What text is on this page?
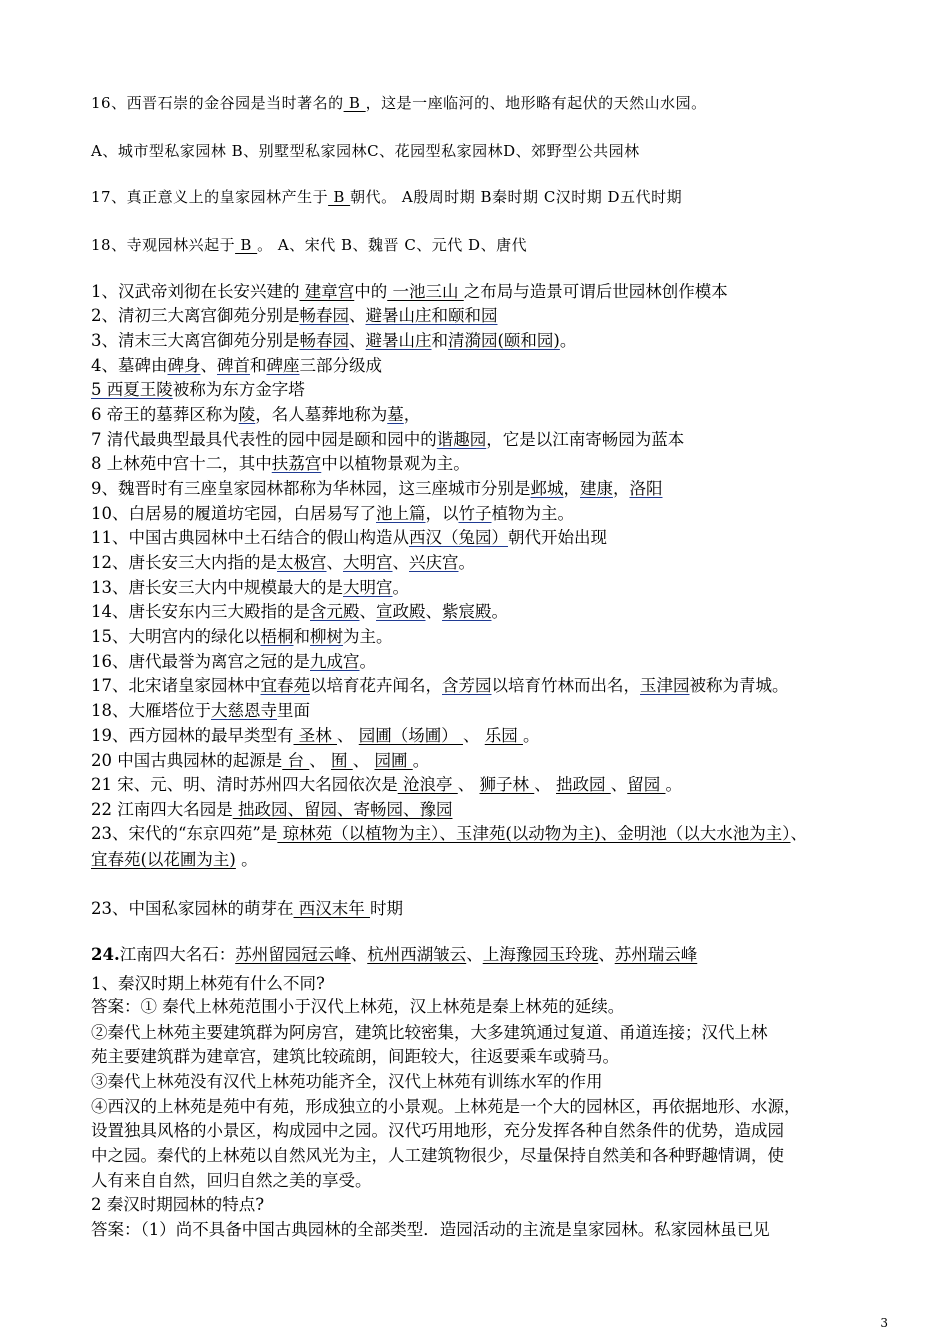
16、西晋石崇的金谷园是当时著名的 B ，这是一座临河的、地形略有起伏的天然山水园。
A、城市型私家园林 B、别墅型私家园林C、花园型私家园林D、郊野型公共园林
17、真正意义上的皇家园林产生于 B 朝代。 A殷周时期 B秦时期 C汉时期 D五代时期
18、寺观园林兴起于 B 。 A、宋代 B、魏晋 C、元代 D、唐代
1、汉武帝刘彻在长安兴建的 建章宫中的 一池三山 之布局与造景可谓后世园林创作模本
2、清初三大离宫御苑分别是畅春园、避暑山庄和颐和园
3、清末三大离宫御苑分别是畅春园、避暑山庄和清漪园(颐和园)。
4、墓碑由碑身、碑首和碑座三部分级成
5 西夏王陵被称为东方金字塔
6 帝王的墓葬区称为陵，名人墓葬地称为墓，
7 清代最典型最具代表性的园中园是颐和园中的谐趣园，它是以江南寄畅园为蓝本
8 上林苑中宫十二，其中扶荔宫中以植物景观为主。
9、魏晋时有三座皇家园林都称为华林园，这三座城市分别是邺城，建康，洛阳
10、白居易的履道坊宅园，白居易写了池上篇，以竹子植物为主。
11、中国古典园林中土石结合的假山构造从西汉（兔园）朝代开始出现
12、唐长安三大内指的是太极宫、大明宫、兴庆宫。
13、唐长安三大内中规模最大的是大明宫。
14、唐长安东内三大殿指的是含元殿、宣政殿、紫宸殿。
15、大明宫内的绿化以梧桐和柳树为主。
16、唐代最誉为离宫之冠的是九成宫。
17、北宋诸皇家园林中宜春苑以培育花卉闻名，含芳园以培育竹林而出名，玉津园被称为青城。
18、大雁塔位于大慈恩寺里面
19、西方园林的最早类型有 圣林 、 园圃（场圃） 、 乐园 。
20 中国古典园林的起源是 台 、 囿 、 园圃 。
21 宋、元、明、清时苏州四大名园依次是 沧浪亭 、 狮子林 、 拙政园 、留园 。
22 江南四大名园是 拙政园、留园、寄畅园、豫园
23、宋代的“东京四苑”是 琼林苑（以植物为主）、玉津苑(以动物为主)、金明池（以大水池为主）、
宜春苑(以花圃为主) 。
23、中国私家园林的萌芽在 西汉末年 时期
24.江南四大名石：苏州留园冠云峰、杭州西湖皱云、上海豫园玉玲珑、苏州瑞云峰
1、秦汉时期上林苑有什么不同?
答案：① 秦代上林苑范围小于汉代上林苑，汉上林苑是秦上林苑的延续。
②秦代上林苑主要建筑群为阿房宫，建筑比较密集，大多建筑通过复道、甬道连接；汉代上林
苑主要建筑群为建章宫，建筑比较疏朗，间距较大，往返要乘车或骑马。
③秦代上林苑没有汉代上林苑功能齐全，汉代上林苑有训练水军的作用
④西汉的上林苑是苑中有苑，形成独立的小景观。上林苑是一个大的园林区，再依据地形、水源，
设置独具风格的小景区，构成园中之园。汉代巧用地形，充分发挥各种自然条件的优势，造成园
中之园。秦代的上林苑以自然风光为主，人工建筑物很少，尽量保持自然美和各种野趣情调，使
人有来自自然，回归自然之美的享受。
2 秦汉时期园林的特点?
答案：（1）尚不具备中国古典园林的全部类型．造园活动的主流是皇家园林。私家园林虽已见
3
